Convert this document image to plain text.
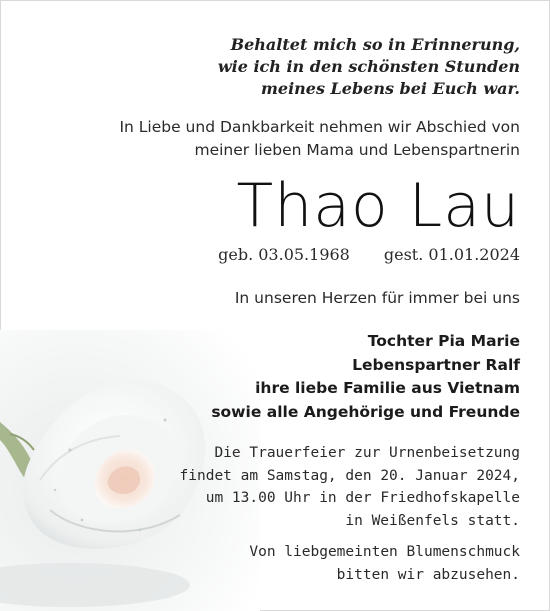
Behaltet mich so in Erinnerung,
wie ich in den schönsten Stunden
meines Lebens bei Euch war.
In Liebe und Dankbarkeit nehmen wir Abschied von
meiner lieben Mama und Lebenspartnerin
Thao Lau
geb. 03.05.1968 gest. 01.01.2024
In unseren Herzen für immer bei uns
Tochter Pia Marie
Lebenspartner Ralf
ihre liebe Familie aus Vietnam
sowie alle Angehörige und Freunde
Die Trauerfeier zur Urnenbeisetzung
findet am Samstag, den 20. Januar 2024,
um 13.00 Uhr in der Friedhofskapelle
in Weißenfels statt.
Von liebgemeinten Blumenschmuck
bitten wir abzusehen.
